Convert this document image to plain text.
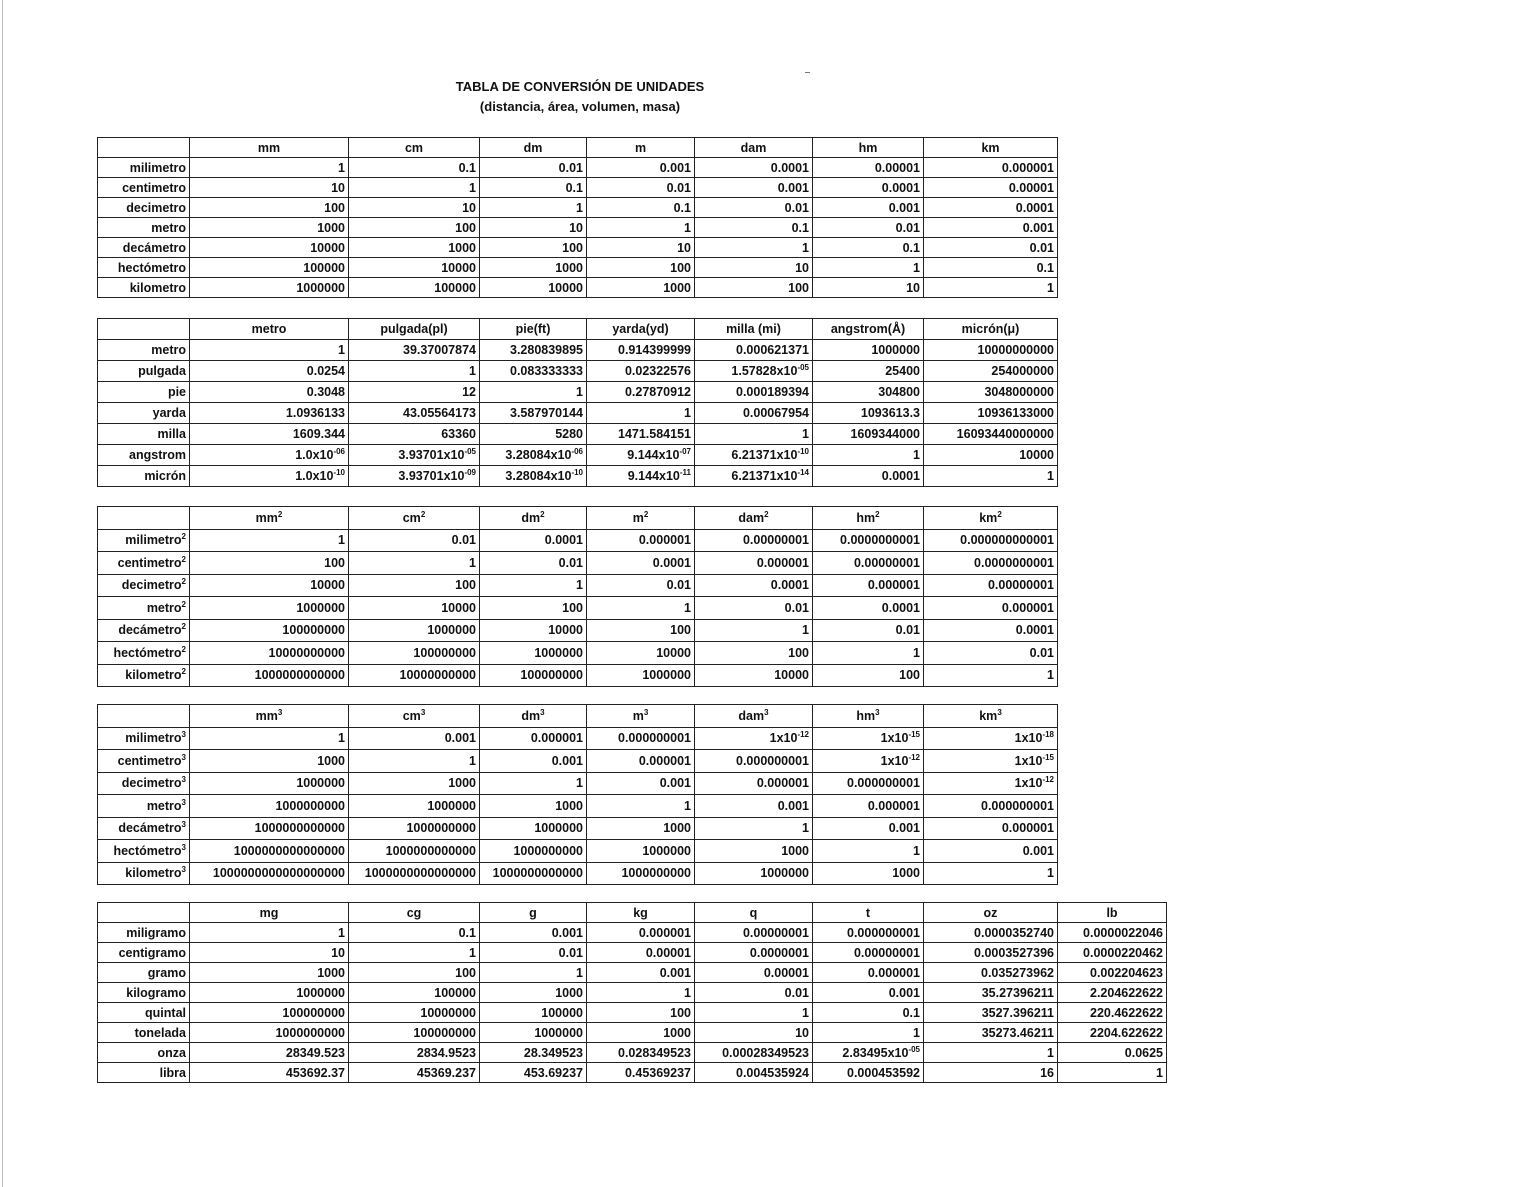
TABLA DE CONVERSIÓN DE UNIDADES
(distancia, área, volumen, masa)
	mm	cm	dm	m	dam	hm	km
milimetro	1	0.1	0.01	0.001	0.0001	0.00001	0.000001
centimetro	10	1	0.1	0.01	0.001	0.0001	0.00001
decimetro	100	10	1	0.1	0.01	0.001	0.0001
metro	1000	100	10	1	0.1	0.01	0.001
decámetro	10000	1000	100	10	1	0.1	0.01
hectómetro	100000	10000	1000	100	10	1	0.1
kilometro	1000000	100000	10000	1000	100	10	1
	metro	pulgada(pl)	pie(ft)	yarda(yd)	milla (mi)	angstrom(Å)	micrón(μ)
metro	1	39.37007874	3.280839895	0.914399999	0.000621371	1000000	10000000000
pulgada	0.0254	1	0.083333333	0.02322576	$1.57828x10^{-05}$	25400	254000000
pie	0.3048	12	1	0.27870912	0.000189394	304800	3048000000
yarda	1.0936133	43.05564173	3.587970144	1	0.00067954	1093613.3	10936133000
milla	1609.344	63360	5280	1471.584151	1	1609344000	16093440000000
angstrom	$1.0x10^{-06}$	$3.93701x10^{-05}$	$3.28084x10^{-06}$	$9.144x10^{-07}$	$6.21371x10^{-10}$	1	10000
micrón	$1.0x10^{-10}$	$3.93701x10^{-09}$	$3.28084x10^{-10}$	$9.144x10^{-11}$	$6.21371x10^{-14}$	0.0001	1
	$mm^2$	$cm^2$	$dm^2$	$m^2$	dam$^2$	$hm^2$	$km^2$
milimetro$^2$	1	0.01	0.0001	0.000001	0.00000001	0.0000000001	0.000000000001
centimetro$^2$	100	1	0.01	0.0001	0.000001	0.00000001	0.0000000001
decimetro$^2$	10000	100	1	0.01	0.0001	0.000001	0.00000001
metro$^2$	1000000	10000	100	1	0.01	0.0001	0.000001
decámetro$^2$	100000000	1000000	10000	100	1	0.01	0.0001
hectómetro$^2$	10000000000	100000000	1000000	10000	100	1	0.01
kilometro$^2$	1000000000000	10000000000	100000000	1000000	10000	100	1
	$mm^3$	$cm^3$	$dm^3$	$m^3$	dam$^3$	$hm^3$	$km^3$
milimetro$^3$	1	0.001	0.000001	0.000000001	$1x10^{-12}$	$1x10^{-15}$	$1x10^{-18}$
centimetro$^3$	1000	1	0.001	0.000001	0.000000001	$1x10^{-12}$	$1x10^{-15}$
decimetro$^3$	1000000	1000	1	0.001	0.000001	0.000000001	$1x10^{-12}$
metro$^3$	1000000000	1000000	1000	1	0.001	0.000001	0.000000001
decámetro$^3$	1000000000000	1000000000	1000000	1000	1	0.001	0.000001
hectómetro$^3$	1000000000000000	1000000000000	1000000000	1000000	1000	1	0.001
kilometro$^3$	1000000000000000000	1000000000000000	1000000000000	1000000000	1000000	1000	1
	mg	cg	g	kg	q	t	oz	lb
miligramo	1	0.1	0.001	0.000001	0.00000001	0.000000001	0.0000352740	0.0000022046
centigramo	10	1	0.01	0.00001	0.0000001	0.00000001	0.0003527396	0.0000220462
gramo	1000	100	1	0.001	0.00001	0.000001	0.035273962	0.002204623
kilogramo	1000000	100000	1000	1	0.01	0.001	35.27396211	2.204622622
quintal	100000000	10000000	100000	100	1	0.1	3527.396211	220.4622622
tonelada	1000000000	100000000	1000000	1000	10	1	35273.46211	2204.622622
onza	28349.523	2834.9523	28.349523	0.028349523	0.00028349523	$2.83495x10^{-05}$	1	0.0625
libra	453692.37	45369.237	453.69237	0.45369237	0.004535924	0.000453592	16	1
